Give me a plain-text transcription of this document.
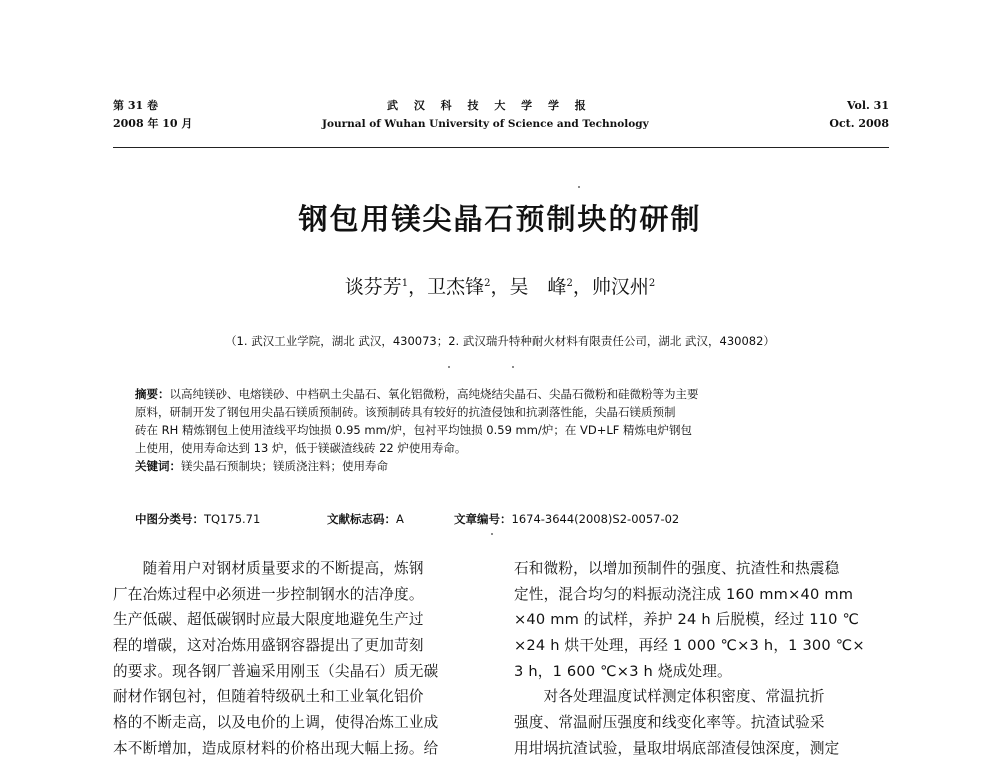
第 31 卷
2008 年 10 月
武 汉 科 技 大 学 学 报
Journal of Wuhan University of Science and Technology
Vol. 31
Oct. 2008
钢包用镁尖晶石预制块的研制
谈芬芳$^1$，卫杰锋$^2$，吴　峰$^2$，帅汉州$^2$
（1. 武汉工业学院，湖北 武汉，430073；2. 武汉瑞升特种耐火材料有限责任公司，湖北 武汉，430082）
摘要：以高纯镁砂、电熔镁砂、中档矾土尖晶石、氧化铝微粉，高纯烧结尖晶石、尖晶石微粉和硅微粉等为主要
原料，研制开发了钢包用尖晶石镁质预制砖。该预制砖具有较好的抗渣侵蚀和抗剥落性能，尖晶石镁质预制
砖在 RH 精炼钢包上使用渣线平均蚀损 0.95 mm/炉，包衬平均蚀损 0.59 mm/炉；在 VD+LF 精炼电炉钢包
上使用，使用寿命达到 13 炉，低于镁碳渣线砖 22 炉使用寿命。
关键词：镁尖晶石预制块；镁质浇注料；使用寿命
中图分类号：TQ175.71	文献标志码：A	文章编号：1674-3644(2008)S2-0057-02
　　随着用户对钢材质量要求的不断提高，炼钢
厂在冶炼过程中必须进一步控制钢水的洁净度。
生产低碳、超低碳钢时应最大限度地避免生产过
程的增碳，这对冶炼用盛钢容器提出了更加苛刻
的要求。现各钢厂普遍采用刚玉（尖晶石）质无碳
耐材作钢包衬，但随着特级矾土和工业氧化铝价
格的不断走高，以及电价的上调，使得冶炼工业成
本不断增加，造成原材料的价格出现大幅上扬。给
石和微粉，以增加预制件的强度、抗渣性和热震稳
定性，混合均匀的料振动浇注成 160 mm×40 mm
×40 mm 的试样，养护 24 h 后脱模，经过 110 ℃
×24 h 烘干处理，再经 1 000 ℃×3 h，1 300 ℃×
3 h，1 600 ℃×3 h 烧成处理。
　　对各处理温度试样测定体积密度、常温抗折
强度、常温耐压强度和线变化率等。抗渣试验采
用坩埚抗渣试验，量取坩埚底部渣侵蚀深度，测定
